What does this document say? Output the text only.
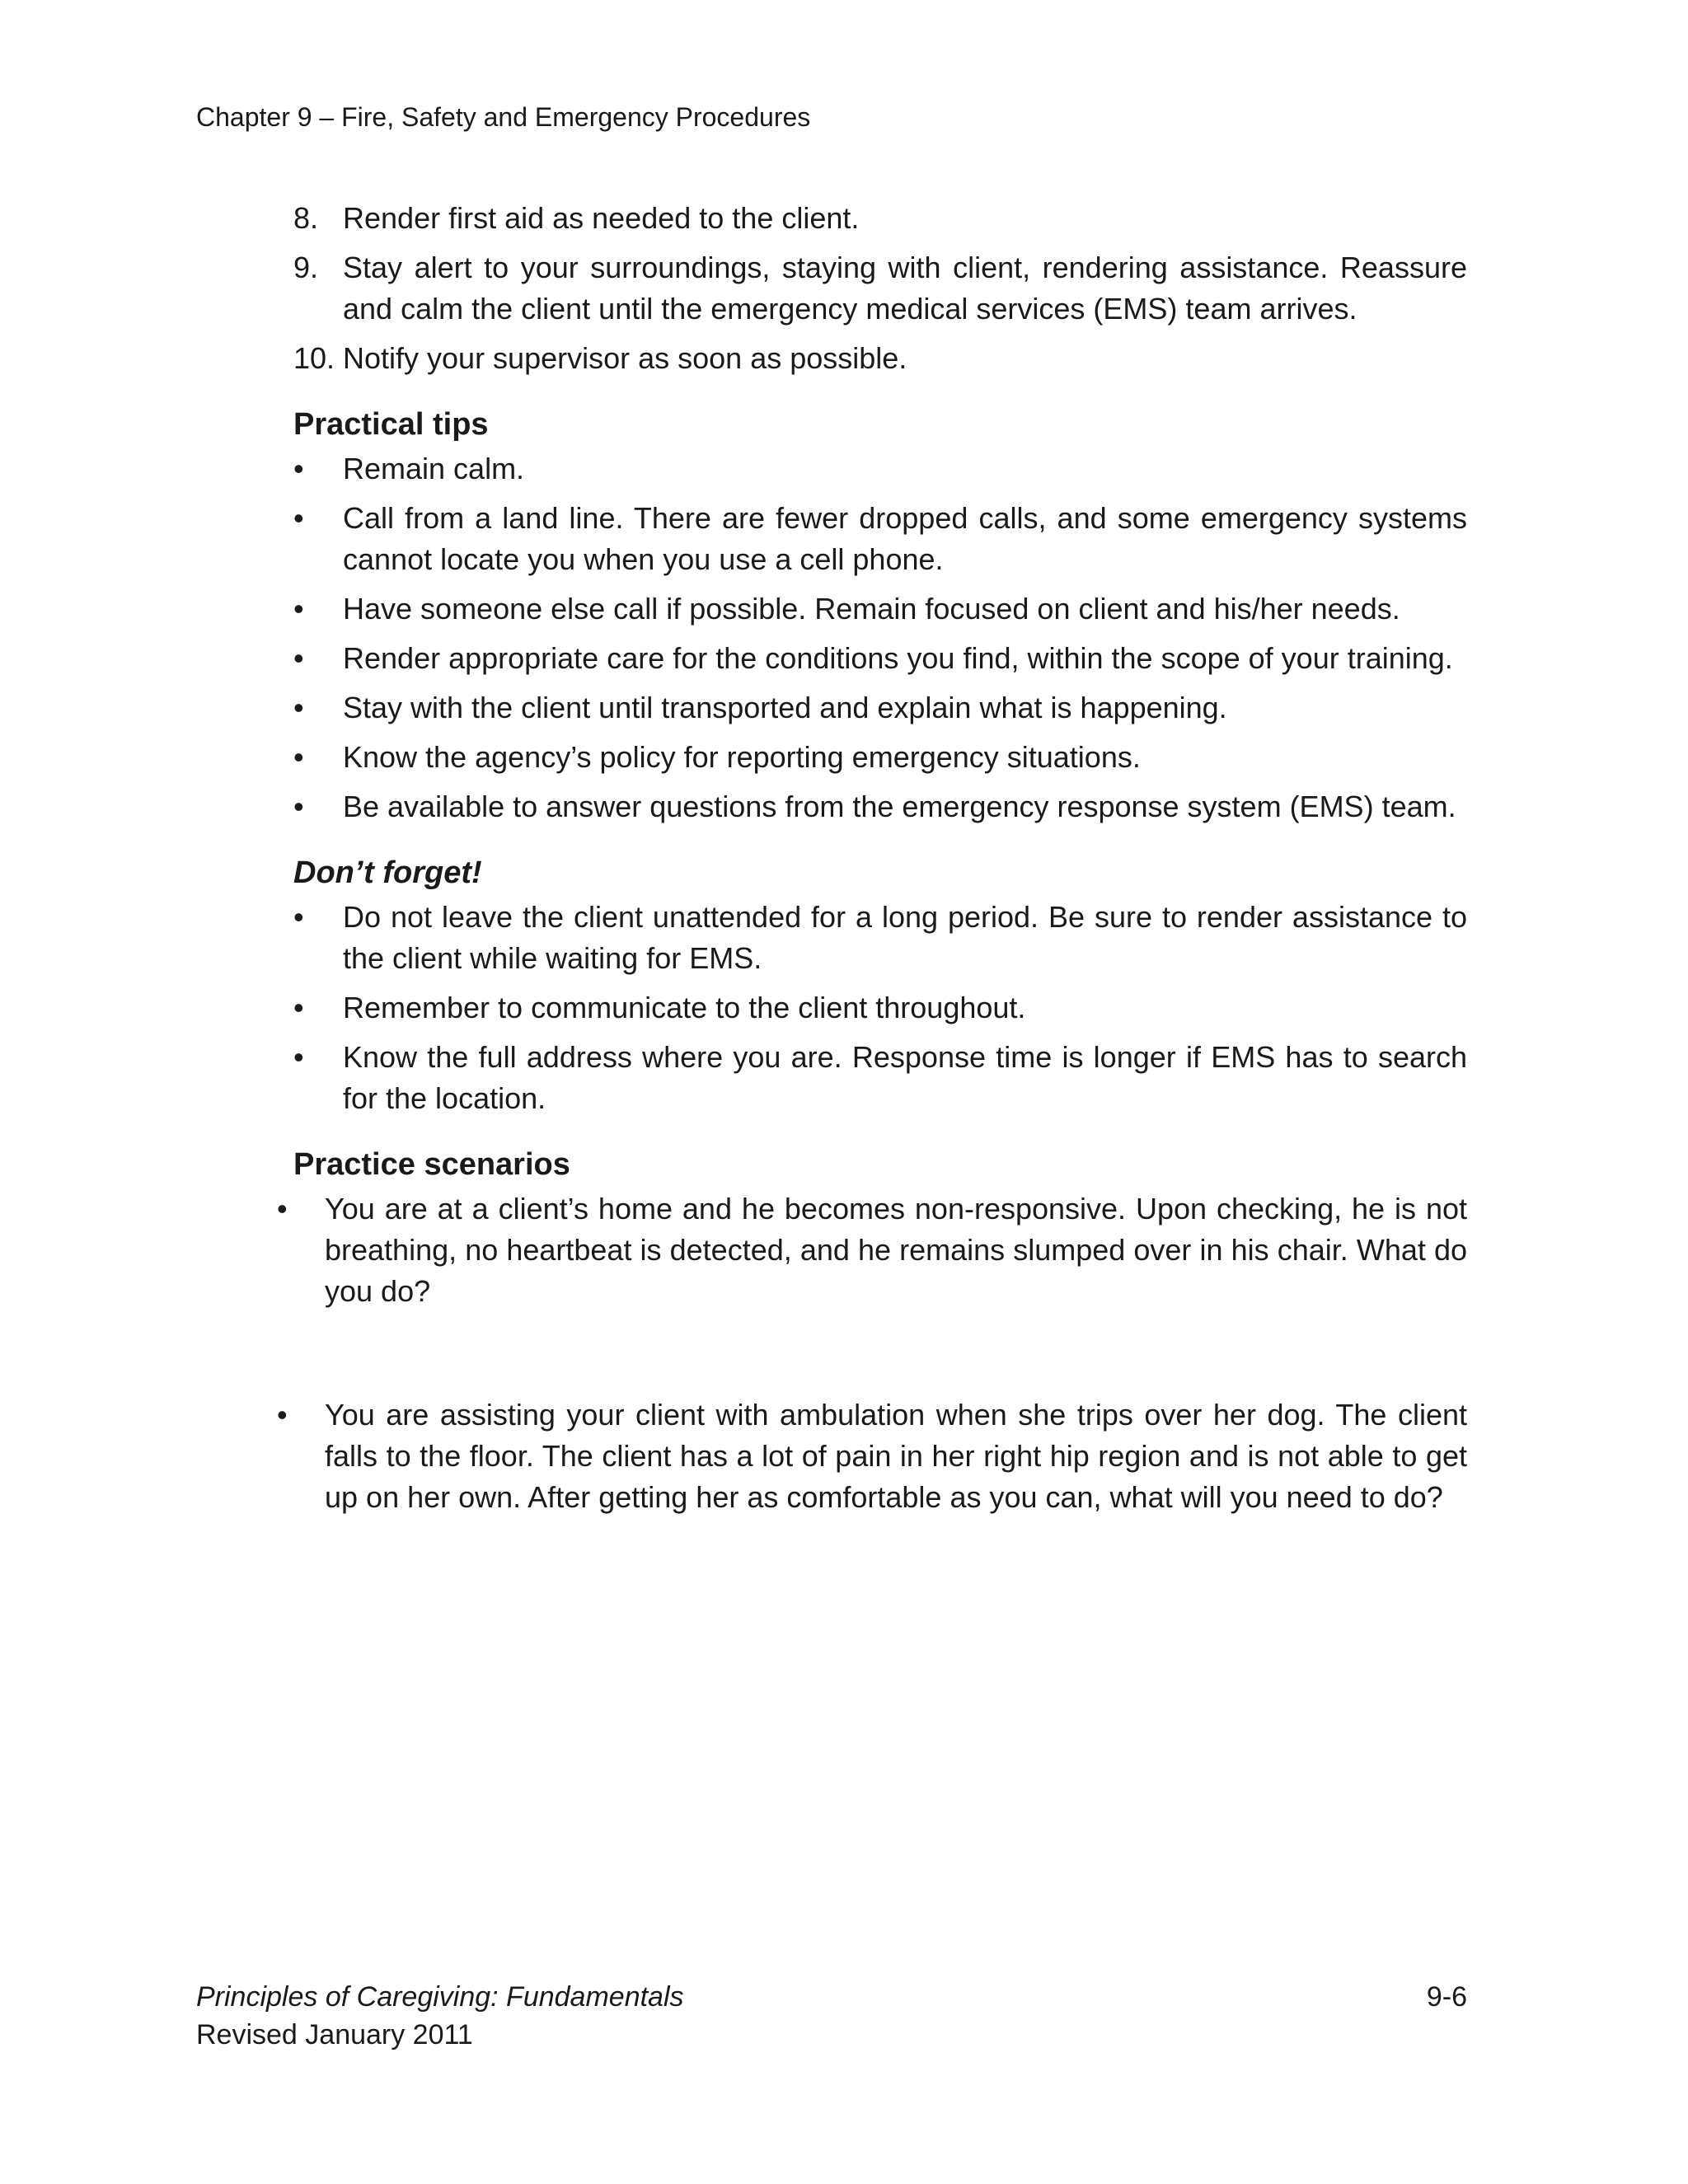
Chapter 9 – Fire, Safety and Emergency Procedures
8. Render first aid as needed to the client.
9. Stay alert to your surroundings, staying with client, rendering assistance. Reassure and calm the client until the emergency medical services (EMS) team arrives.
10. Notify your supervisor as soon as possible.
Practical tips
• Remain calm.
• Call from a land line. There are fewer dropped calls, and some emergency systems cannot locate you when you use a cell phone.
• Have someone else call if possible. Remain focused on client and his/her needs.
• Render appropriate care for the conditions you find, within the scope of your training.
• Stay with the client until transported and explain what is happening.
• Know the agency’s policy for reporting emergency situations.
• Be available to answer questions from the emergency response system (EMS) team.
Don’t forget!
• Do not leave the client unattended for a long period. Be sure to render assistance to the client while waiting for EMS.
• Remember to communicate to the client throughout.
• Know the full address where you are. Response time is longer if EMS has to search for the location.
Practice scenarios
• You are at a client’s home and he becomes non-responsive. Upon checking, he is not breathing, no heartbeat is detected, and he remains slumped over in his chair. What do you do?
• You are assisting your client with ambulation when she trips over her dog. The client falls to the floor. The client has a lot of pain in her right hip region and is not able to get up on her own. After getting her as comfortable as you can, what will you need to do?
Principles of Caregiving: Fundamentals
Revised January 2011
9-6
